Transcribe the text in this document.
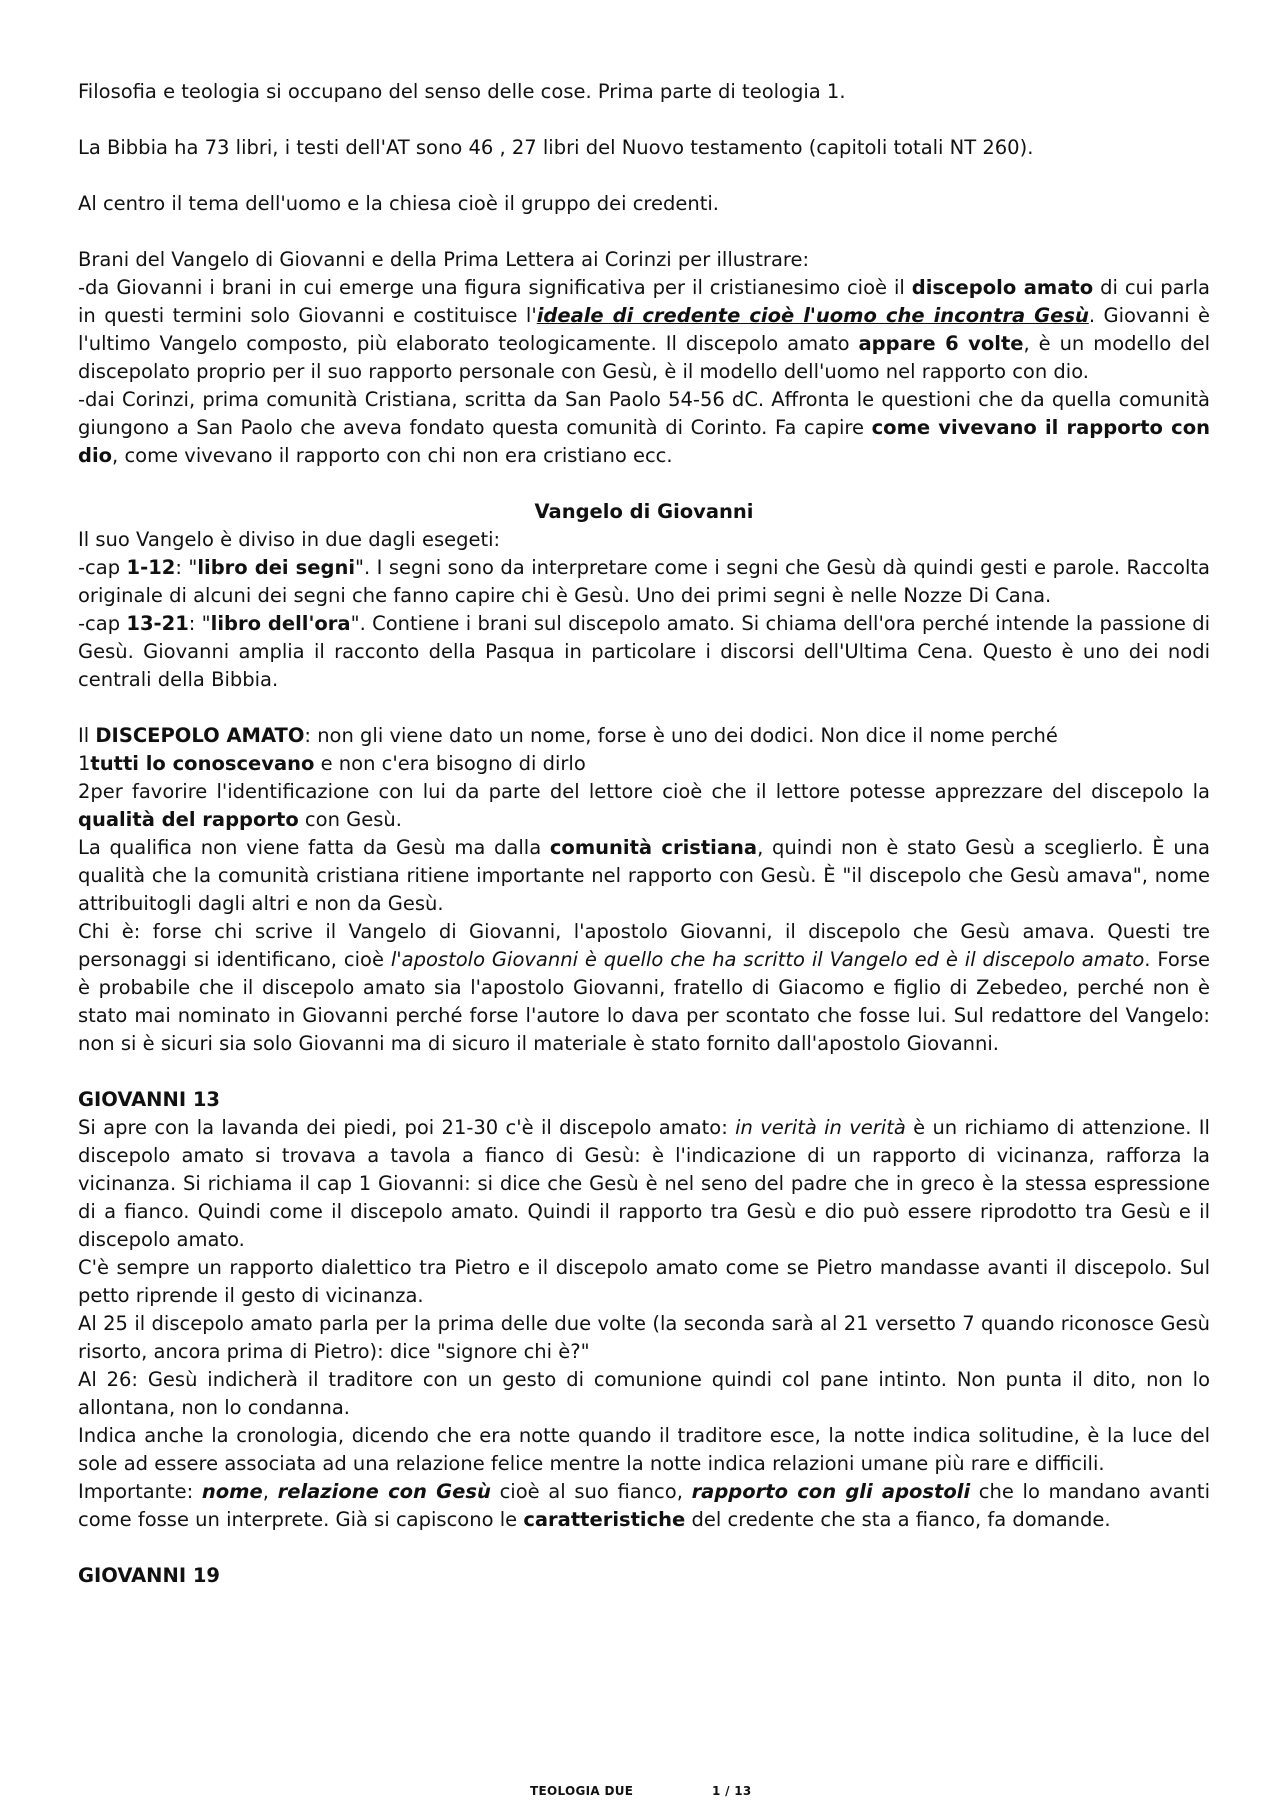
Filosofia e teologia si occupano del senso delle cose. Prima parte di teologia 1.

La Bibbia ha 73 libri, i testi dell'AT sono 46 , 27 libri del Nuovo testamento (capitoli totali NT 260).

Al centro il tema dell'uomo e la chiesa cioè il gruppo dei credenti.

Brani del Vangelo di Giovanni e della Prima Lettera ai Corinzi per illustrare:

-da Giovanni i brani in cui emerge una figura significativa per il cristianesimo cioè il discepolo amato di cui parla in questi termini solo Giovanni e costituisce l'ideale di credente cioè l'uomo che incontra Gesù. Giovanni è l'ultimo Vangelo composto, più elaborato teologicamente. Il discepolo amato appare 6 volte, è un modello del discepolato proprio per il suo rapporto personale con Gesù, è il modello dell'uomo nel rapporto con dio.

-dai Corinzi, prima comunità Cristiana, scritta da San Paolo 54-56 dC. Affronta le questioni che da quella comunità giungono a San Paolo che aveva fondato questa comunità di Corinto. Fa capire come vivevano il rapporto con dio, come vivevano il rapporto con chi non era cristiano ecc.

Vangelo di Giovanni

Il suo Vangelo è diviso in due dagli esegeti:

-cap 1-12: "libro dei segni". I segni sono da interpretare come i segni che Gesù dà quindi gesti e parole. Raccolta originale di alcuni dei segni che fanno capire chi è Gesù. Uno dei primi segni è nelle Nozze Di Cana.

-cap 13-21: "libro dell'ora". Contiene i brani sul discepolo amato. Si chiama dell'ora perché intende la passione di Gesù. Giovanni amplia il racconto della Pasqua in particolare i discorsi dell'Ultima Cena. Questo è uno dei nodi centrali della Bibbia.

Il DISCEPOLO AMATO: non gli viene dato un nome, forse è uno dei dodici. Non dice il nome perché

1tutti lo conoscevano e non c'era bisogno di dirlo

2per favorire l'identificazione con lui da parte del lettore cioè che il lettore potesse apprezzare del discepolo la qualità del rapporto con Gesù.

La qualifica non viene fatta da Gesù ma dalla comunità cristiana, quindi non è stato Gesù a sceglierlo. È una qualità che la comunità cristiana ritiene importante nel rapporto con Gesù. È "il discepolo che Gesù amava", nome attribuitogli dagli altri e non da Gesù.

Chi è: forse chi scrive il Vangelo di Giovanni, l'apostolo Giovanni, il discepolo che Gesù amava. Questi tre personaggi si identificano, cioè l'apostolo Giovanni è quello che ha scritto il Vangelo ed è il discepolo amato. Forse è probabile che il discepolo amato sia l'apostolo Giovanni, fratello di Giacomo e figlio di Zebedeo, perché non è stato mai nominato in Giovanni perché forse l'autore lo dava per scontato che fosse lui. Sul redattore del Vangelo: non si è sicuri sia solo Giovanni ma di sicuro il materiale è stato fornito dall'apostolo Giovanni.

GIOVANNI 13

Si apre con la lavanda dei piedi, poi 21-30 c'è il discepolo amato: in verità in verità è un richiamo di attenzione. Il discepolo amato si trovava a tavola a fianco di Gesù: è l'indicazione di un rapporto di vicinanza, rafforza la vicinanza. Si richiama il cap 1 Giovanni: si dice che Gesù è nel seno del padre che in greco è la stessa espressione di a fianco. Quindi come il discepolo amato. Quindi il rapporto tra Gesù e dio può essere riprodotto tra Gesù e il discepolo amato.

C'è sempre un rapporto dialettico tra Pietro e il discepolo amato come se Pietro mandasse avanti il discepolo. Sul petto riprende il gesto di vicinanza.

Al 25 il discepolo amato parla per la prima delle due volte (la seconda sarà al 21 versetto 7 quando riconosce Gesù risorto, ancora prima di Pietro): dice "signore chi è?"

Al 26: Gesù indicherà il traditore con un gesto di comunione quindi col pane intinto. Non punta il dito, non lo allontana, non lo condanna.

Indica anche la cronologia, dicendo che era notte quando il traditore esce, la notte indica solitudine, è la luce del sole ad essere associata ad una relazione felice mentre la notte indica relazioni umane più rare e difficili.

Importante: nome, relazione con Gesù cioè al suo fianco, rapporto con gli apostoli che lo mandano avanti come fosse un interprete. Già si capiscono le caratteristiche del credente che sta a fianco, fa domande.

GIOVANNI 19

TEOLOGIA DUE	1 / 13
